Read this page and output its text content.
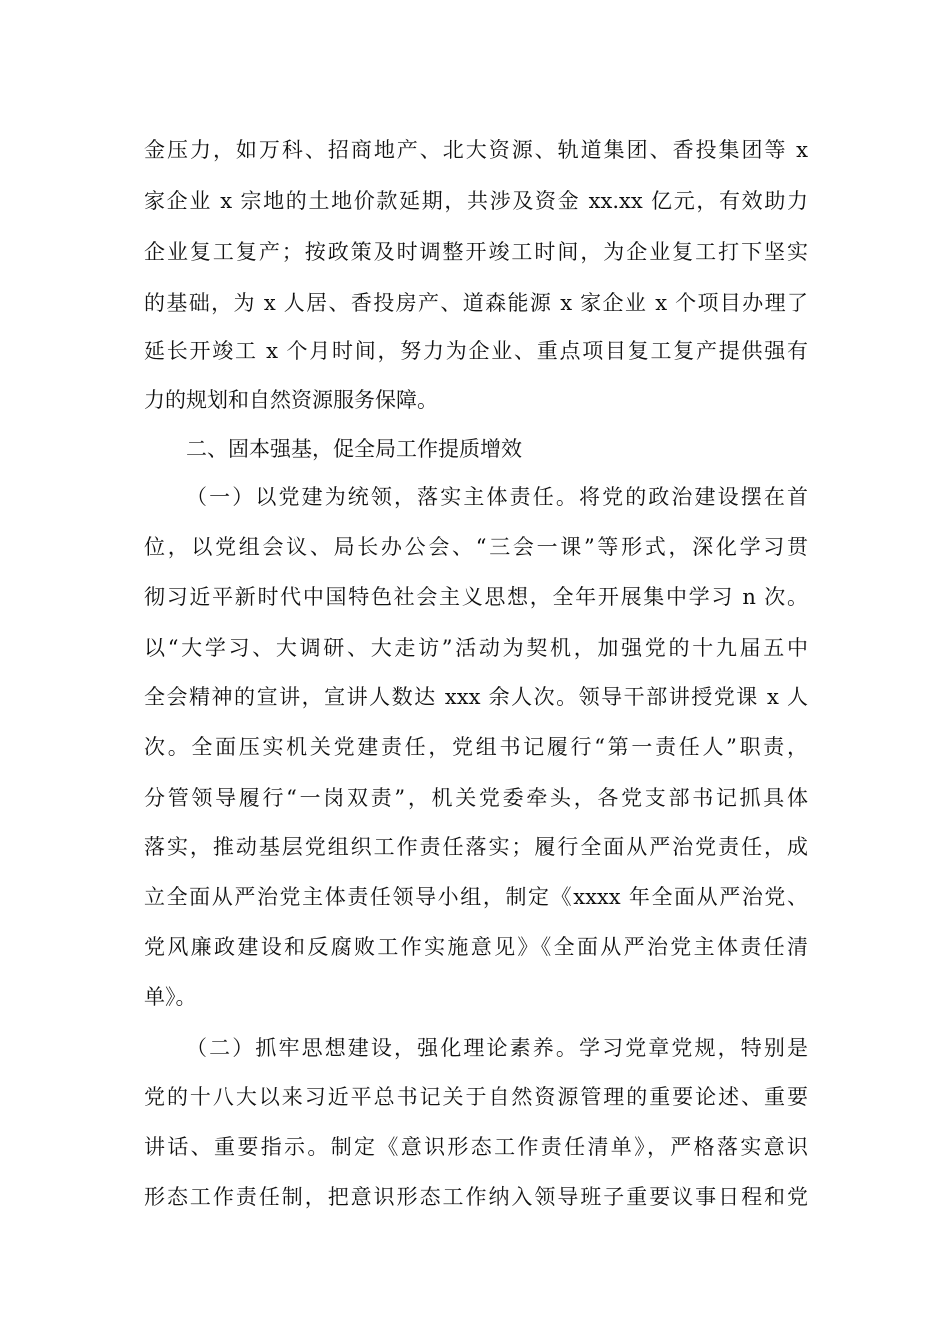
金压力，如万科、招商地产、北大资源、轨道集团、香投集团等 x
家企业 x 宗地的土地价款延期，共涉及资金 xx.xx 亿元，有效助力
企业复工复产；按政策及时调整开竣工时间，为企业复工打下坚实
的基础，为 x 人居、香投房产、道森能源 x 家企业 x 个项目办理了
延长开竣工 x 个月时间，努力为企业、重点项目复工复产提供强有
力的规划和自然资源服务保障。
二、固本强基，促全局工作提质增效
（一）以党建为统领，落实主体责任。将党的政治建设摆在首
位，以党组会议、局长办公会、“三会一课”等形式，深化学习贯
彻习近平新时代中国特色社会主义思想，全年开展集中学习 n 次。
以“大学习、大调研、大走访”活动为契机，加强党的十九届五中
全会精神的宣讲，宣讲人数达 xxx 余人次。领导干部讲授党课 x 人
次。全面压实机关党建责任，党组书记履行“第一责任人”职责，
分管领导履行“一岗双责”，机关党委牵头，各党支部书记抓具体
落实，推动基层党组织工作责任落实；履行全面从严治党责任，成
立全面从严治党主体责任领导小组，制定《xxxx 年全面从严治党、
党风廉政建设和反腐败工作实施意见》《全面从严治党主体责任清
单》。
（二）抓牢思想建设，强化理论素养。学习党章党规，特别是
党的十八大以来习近平总书记关于自然资源管理的重要论述、重要
讲话、重要指示。制定《意识形态工作责任清单》，严格落实意识
形态工作责任制，把意识形态工作纳入领导班子重要议事日程和党
